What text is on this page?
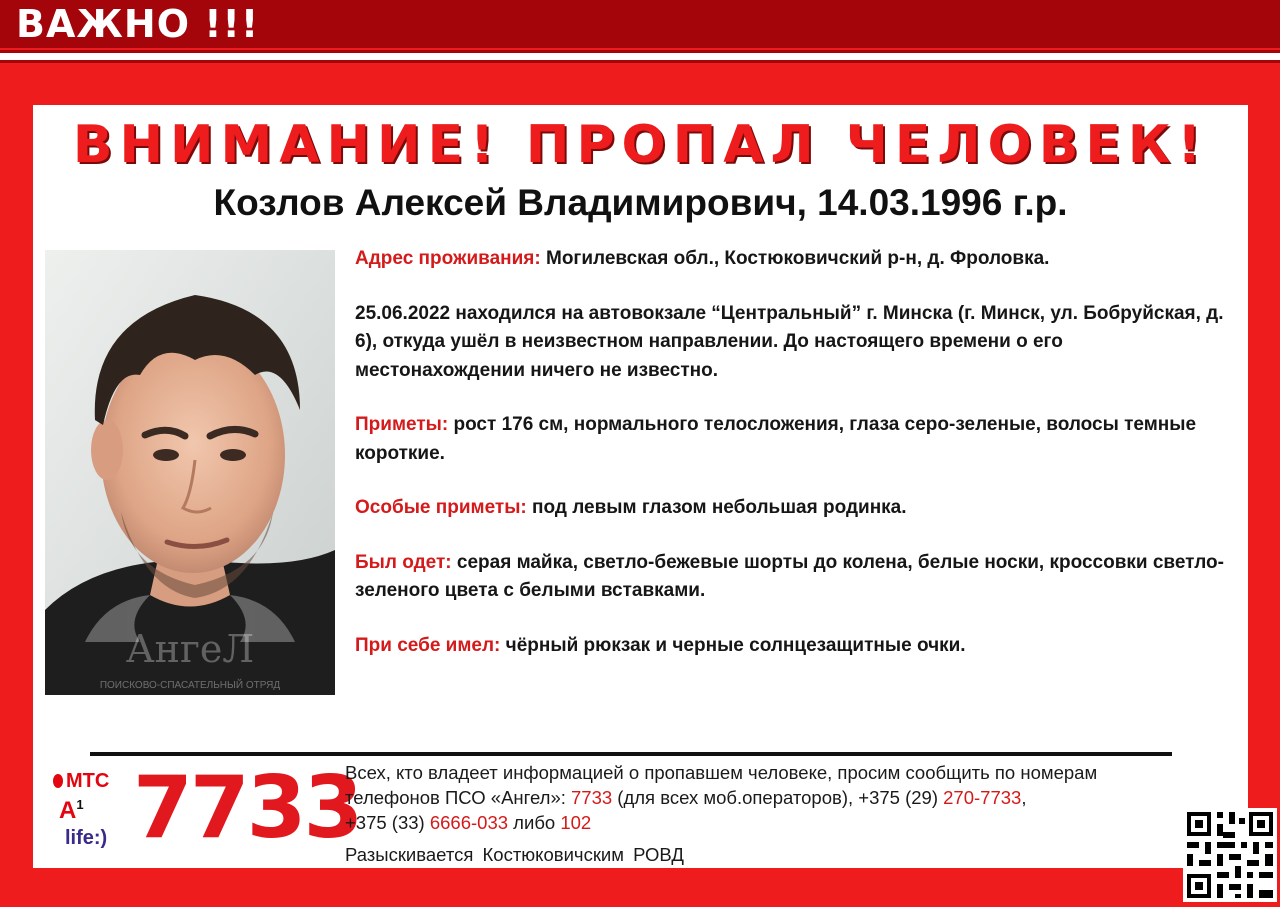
ВАЖНО !!!
ВНИМАНИЕ! ПРОПАЛ ЧЕЛОВЕК!
Козлов Алексей Владимирович, 14.03.1996 г.р.
АнгеЛ
ПОИСКОВО-СПАСАТЕЛЬНЫЙ ОТРЯД

Адрес проживания: Могилевская обл., Костюковичский р-н, д. Фроловка.

25.06.2022 находился на автовокзале “Центральный” г. Минска (г. Минск, ул. Бобруйская, д. 6), откуда ушёл в неизвестном направлении. До настоящего времени о его местонахождении ничего не известно.

Приметы: рост 176 см, нормального телосложения, глаза серо-зеленые, волосы темные короткие.

Особые приметы: под левым глазом небольшая родинка.

Был одет: серая майка, светло-бежевые шорты до колена, белые носки, кроссовки светло-зеленого цвета с белыми вставками.

При себе имел: чёрный рюкзак и черные солнцезащитные очки.

МТС
$A^1$
life:) 7733
Всех, кто владеет информацией о пропавшем человеке, просим сообщить по номерам
телефонов ПСО «Ангел»: 7733 (для всех моб.операторов), +375 (29) 270-7733,
+375 (33) 6666-033 либо 102
Разыскивается Костюковичским РОВД
